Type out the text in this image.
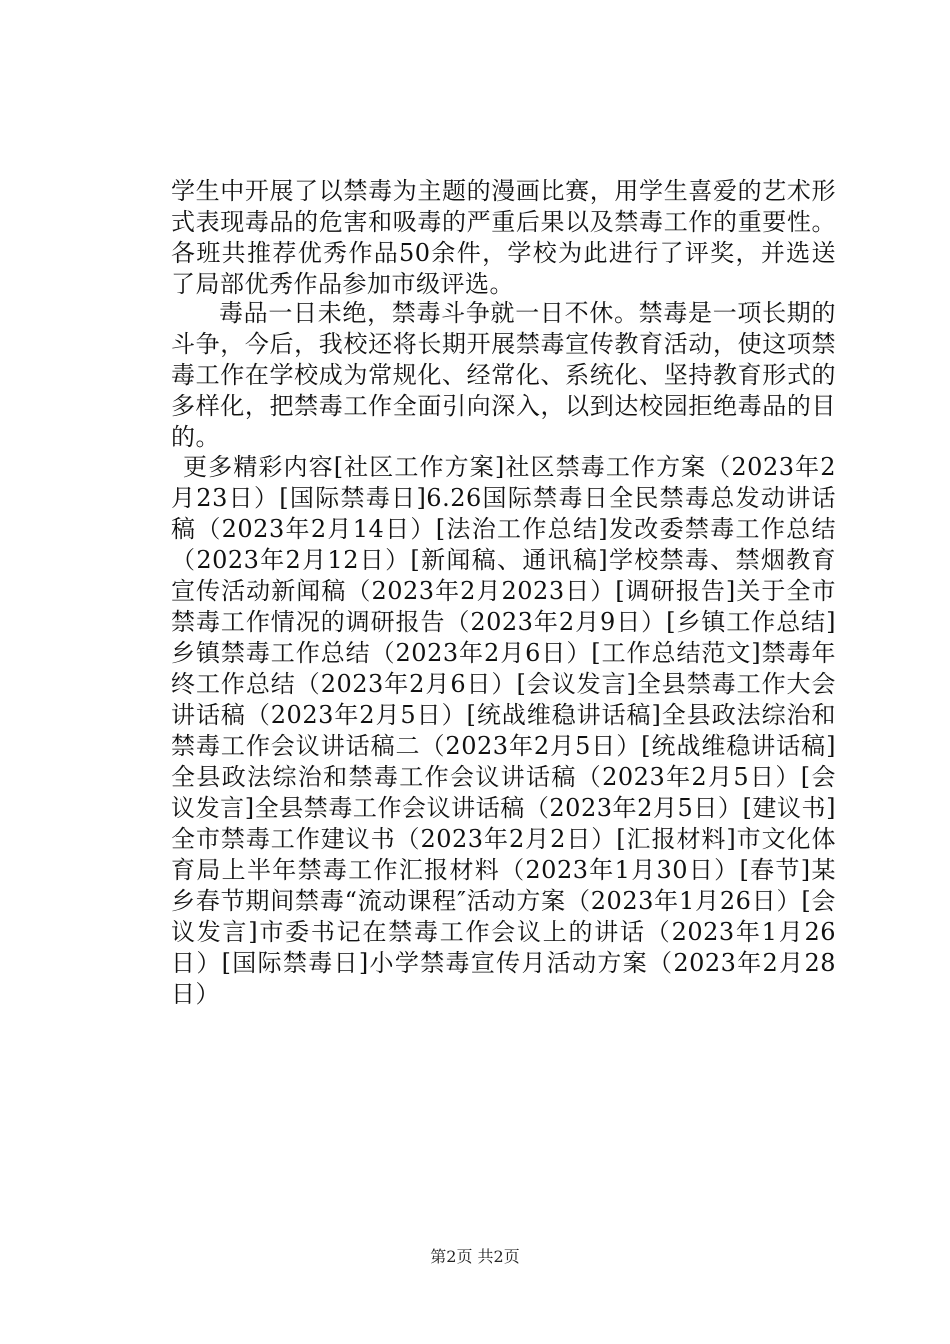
学生中开展了以禁毒为主题的漫画比赛，用学生喜爱的艺术形式表现毒品的危害和吸毒的严重后果以及禁毒工作的重要性。各班共推荐优秀作品50余件，学校为此进行了评奖，并选送了局部优秀作品参加市级评选。

毒品一日未绝，禁毒斗争就一日不休。禁毒是一项长期的斗争，今后，我校还将长期开展禁毒宣传教育活动，使这项禁毒工作在学校成为常规化、经常化、系统化、坚持教育形式的多样化，把禁毒工作全面引向深入，以到达校园拒绝毒品的目的。

更多精彩内容[社区工作方案]社区禁毒工作方案（2023年2月23日）[国际禁毒日]6.26国际禁毒日全民禁毒总发动讲话稿（2023年2月14日）[法治工作总结]发改委禁毒工作总结（2023年2月12日）[新闻稿、通讯稿]学校禁毒、禁烟教育宣传活动新闻稿（2023年2月2023日）[调研报告]关于全市禁毒工作情况的调研报告（2023年2月9日）[乡镇工作总结]乡镇禁毒工作总结（2023年2月6日）[工作总结范文]禁毒年终工作总结（2023年2月6日）[会议发言]全县禁毒工作大会讲话稿（2023年2月5日）[统战维稳讲话稿]全县政法综治和禁毒工作会议讲话稿二（2023年2月5日）[统战维稳讲话稿]全县政法综治和禁毒工作会议讲话稿（2023年2月5日）[会议发言]全县禁毒工作会议讲话稿（2023年2月5日）[建议书]全市禁毒工作建议书（2023年2月2日）[汇报材料]市文化体育局上半年禁毒工作汇报材料（2023年1月30日）[春节]某乡春节期间禁毒“流动课程″活动方案（2023年1月26日）[会议发言]市委书记在禁毒工作会议上的讲话（2023年1月26日）[国际禁毒日]小学禁毒宣传月活动方案（2023年2月28日）

第2页 共2页
